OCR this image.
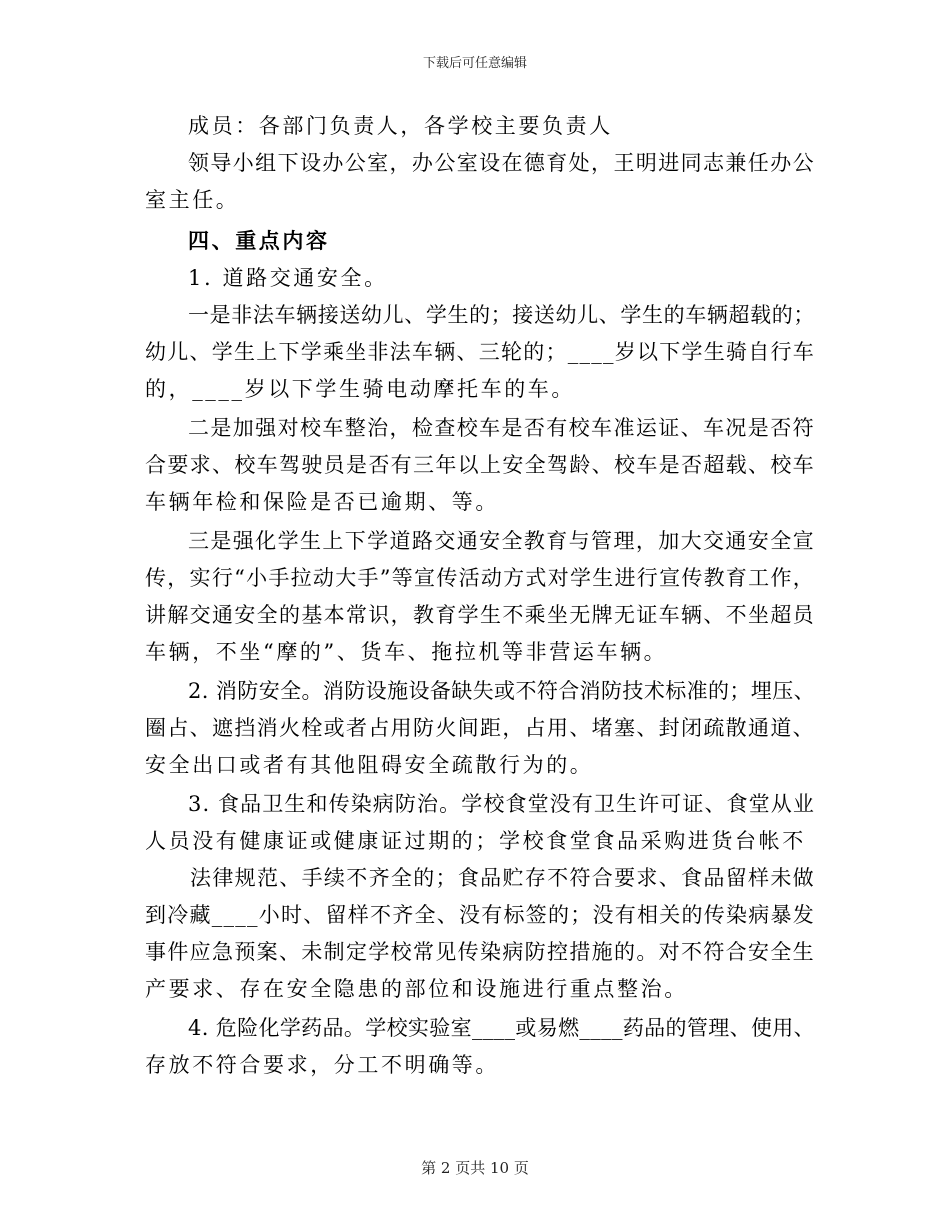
下载后可任意编辑
成员：各部门负责人，各学校主要负责人
领导小组下设办公室，办公室设在德育处，王明进同志兼任办公
室主任。
四、重点内容
1. 道路交通安全。
一是非法车辆接送幼儿、学生的；接送幼儿、学生的车辆超载的；
幼儿、学生上下学乘坐非法车辆、三轮的；____岁以下学生骑自行车
的，____岁以下学生骑电动摩托车的车。
二是加强对校车整治，检查校车是否有校车准运证、车况是否符
合要求、校车驾驶员是否有三年以上安全驾龄、校车是否超载、校车
车辆年检和保险是否已逾期、等。
三是强化学生上下学道路交通安全教育与管理，加大交通安全宣
传，实行“小手拉动大手”等宣传活动方式对学生进行宣传教育工作，
讲解交通安全的基本常识，教育学生不乘坐无牌无证车辆、不坐超员
车辆，不坐“摩的”、货车、拖拉机等非营运车辆。
2. 消防安全。消防设施设备缺失或不符合消防技术标准的；埋压、
圈占、遮挡消火栓或者占用防火间距，占用、堵塞、封闭疏散通道、
安全出口或者有其他阻碍安全疏散行为的。
3. 食品卫生和传染病防治。学校食堂没有卫生许可证、食堂从业
人员没有健康证或健康证过期的；学校食堂食品采购进货台帐不
法律规范、手续不齐全的；食品贮存不符合要求、食品留样未做
到冷藏____小时、留样不齐全、没有标签的；没有相关的传染病暴发
事件应急预案、未制定学校常见传染病防控措施的。对不符合安全生
产要求、存在安全隐患的部位和设施进行重点整治。
4. 危险化学药品。学校实验室____或易燃____药品的管理、使用、
存放不符合要求，分工不明确等。
第 2 页共 10 页
